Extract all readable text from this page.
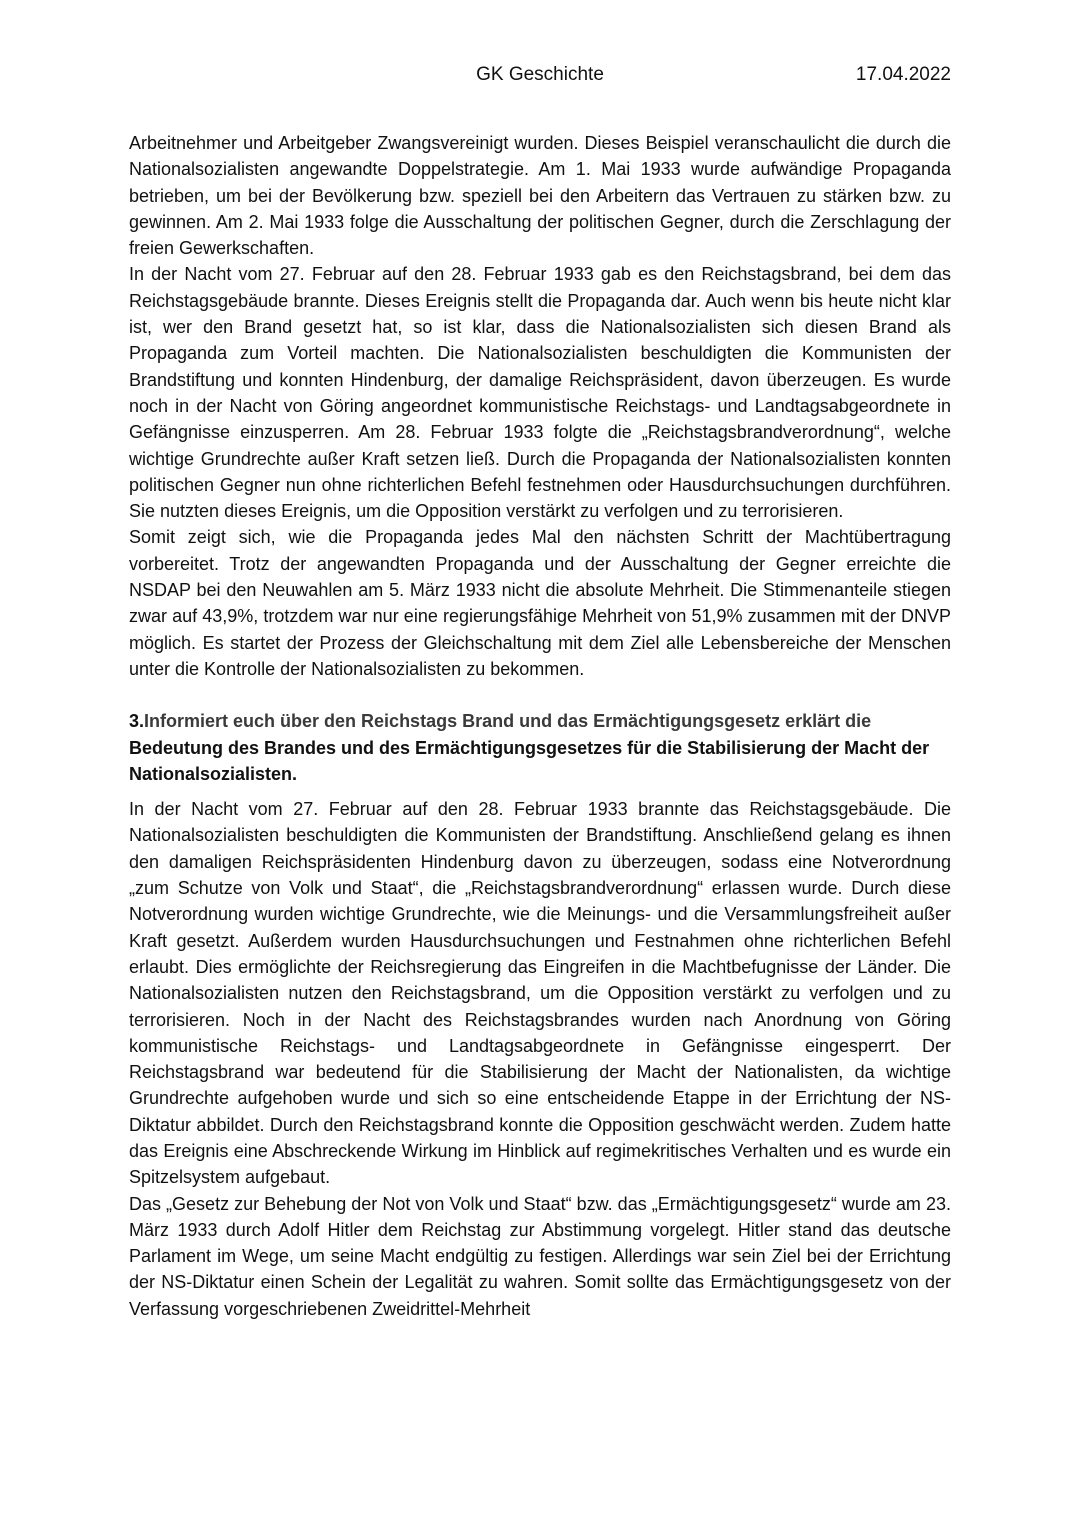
GK Geschichte	17.04.2022

Arbeitnehmer und Arbeitgeber Zwangsvereinigt wurden. Dieses Beispiel veranschaulicht die durch die Nationalsozialisten angewandte Doppelstrategie. Am 1. Mai 1933 wurde aufwändige Propaganda betrieben, um bei der Bevölkerung bzw. speziell bei den Arbeitern das Vertrauen zu stärken bzw. zu gewinnen. Am 2. Mai 1933 folge die Ausschaltung der politischen Gegner, durch die Zerschlagung der freien Gewerkschaften.

In der Nacht vom 27. Februar auf den 28. Februar 1933 gab es den Reichstagsbrand, bei dem das Reichstagsgebäude brannte. Dieses Ereignis stellt die Propaganda dar. Auch wenn bis heute nicht klar ist, wer den Brand gesetzt hat, so ist klar, dass die Nationalsozialisten sich diesen Brand als Propaganda zum Vorteil machten. Die Nationalsozialisten beschuldigten die Kommunisten der Brandstiftung und konnten Hindenburg, der damalige Reichspräsident, davon überzeugen. Es wurde noch in der Nacht von Göring angeordnet kommunistische Reichstags- und Landtagsabgeordnete in Gefängnisse einzusperren. Am 28. Februar 1933 folgte die „Reichstagsbrandverordnung“, welche wichtige Grundrechte außer Kraft setzen ließ. Durch die Propaganda der Nationalsozialisten konnten politischen Gegner nun ohne richterlichen Befehl festnehmen oder Hausdurchsuchungen durchführen. Sie nutzten dieses Ereignis, um die Opposition verstärkt zu verfolgen und zu terrorisieren.

Somit zeigt sich, wie die Propaganda jedes Mal den nächsten Schritt der Machtübertragung vorbereitet. Trotz der angewandten Propaganda und der Ausschaltung der Gegner erreichte die NSDAP bei den Neuwahlen am 5. März 1933 nicht die absolute Mehrheit. Die Stimmenanteile stiegen zwar auf 43,9%, trotzdem war nur eine regierungsfähige Mehrheit von 51,9% zusammen mit der DNVP möglich. Es startet der Prozess der Gleichschaltung mit dem Ziel alle Lebensbereiche der Menschen unter die Kontrolle der Nationalsozialisten zu bekommen.

3.Informiert euch über den Reichstags Brand und das Ermächtigungsgesetz erklärt die
Bedeutung des Brandes und des Ermächtigungsgesetzes für die Stabilisierung der Macht der Nationalsozialisten.

In der Nacht vom 27. Februar auf den 28. Februar 1933 brannte das Reichstagsgebäude. Die Nationalsozialisten beschuldigten die Kommunisten der Brandstiftung. Anschließend gelang es ihnen den damaligen Reichspräsidenten Hindenburg davon zu überzeugen, sodass eine Notverordnung „zum Schutze von Volk und Staat“, die „Reichstagsbrandverordnung“ erlassen wurde. Durch diese Notverordnung wurden wichtige Grundrechte, wie die Meinungs- und die Versammlungsfreiheit außer Kraft gesetzt. Außerdem wurden Hausdurchsuchungen und Festnahmen ohne richterlichen Befehl erlaubt. Dies ermöglichte der Reichsregierung das Eingreifen in die Machtbefugnisse der Länder. Die Nationalsozialisten nutzen den Reichstagsbrand, um die Opposition verstärkt zu verfolgen und zu terrorisieren. Noch in der Nacht des Reichstagsbrandes wurden nach Anordnung von Göring kommunistische Reichstags- und Landtagsabgeordnete in Gefängnisse eingesperrt. Der Reichstagsbrand war bedeutend für die Stabilisierung der Macht der Nationalisten, da wichtige Grundrechte aufgehoben wurde und sich so eine entscheidende Etappe in der Errichtung der NS-Diktatur abbildet. Durch den Reichstagsbrand konnte die Opposition geschwächt werden. Zudem hatte das Ereignis eine Abschreckende Wirkung im Hinblick auf regimekritisches Verhalten und es wurde ein Spitzelsystem aufgebaut.

Das „Gesetz zur Behebung der Not von Volk und Staat“ bzw. das „Ermächtigungsgesetz“ wurde am 23. März 1933 durch Adolf Hitler dem Reichstag zur Abstimmung vorgelegt. Hitler stand das deutsche Parlament im Wege, um seine Macht endgültig zu festigen. Allerdings war sein Ziel bei der Errichtung der NS-Diktatur einen Schein der Legalität zu wahren. Somit sollte das Ermächtigungsgesetz von der Verfassung vorgeschriebenen Zweidrittel-Mehrheit
